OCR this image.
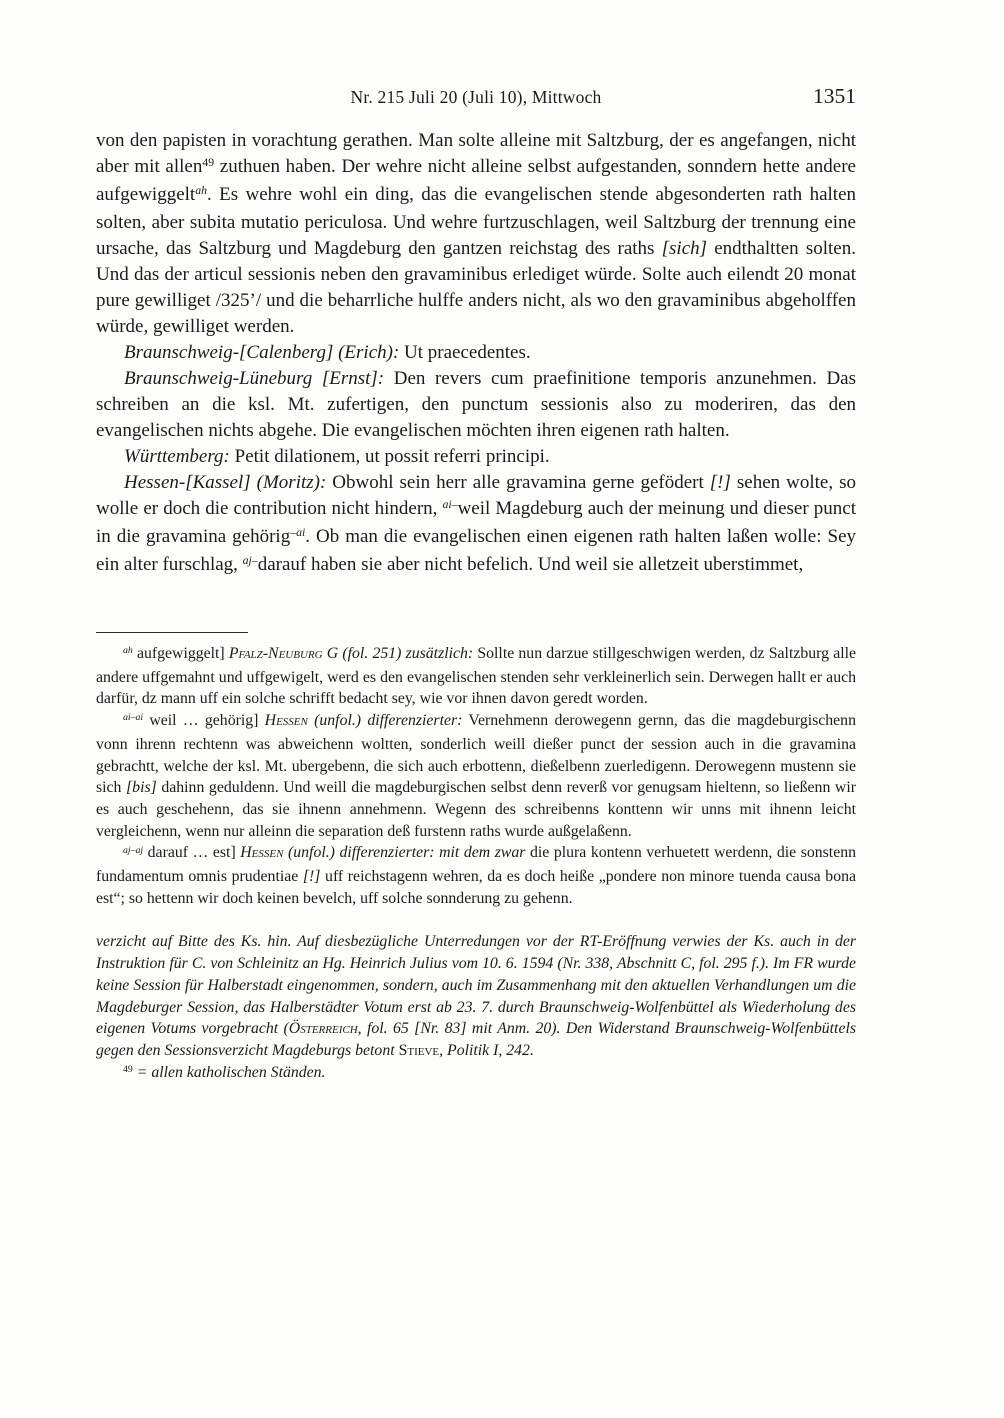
Nr. 215 Juli 20 (Juli 10), Mittwoch	1351

von den papisten in vorachtung gerathen. Man solte alleine mit Saltzburg, der es angefangen, nicht aber mit allen$^{49}$ zuthuen haben. Der wehre nicht alleine selbst aufgestanden, sonndern hette andere aufgewiggelt$^{ah}$. Es wehre wohl ein ding, das die evangelischen stende abgesonderten rath halten solten, aber subita mutatio periculosa. Und wehre furtzuschlagen, weil Saltzburg der trennung eine ursache, das Saltzburg und Magdeburg den gantzen reichstag des raths [sich] endthaltten solten. Und das der articul sessionis neben den gravaminibus erlediget würde. Solte auch eilendt 20 monat pure gewilliget /325’/ und die beharrliche hulffe anders nicht, als wo den gravaminibus abgeholffen würde, gewilliget werden.

Braunschweig-[Calenberg] (Erich): Ut praecedentes.

Braunschweig-Lüneburg [Ernst]: Den revers cum praefinitione temporis anzunehmen. Das schreiben an die ksl. Mt. zufertigen, den punctum sessionis also zu moderiren, das den evangelischen nichts abgehe. Die evangelischen möchten ihren eigenen rath halten.

Württemberg: Petit dilationem, ut possit referri principi.

Hessen-[Kassel] (Moritz): Obwohl sein herr alle gravamina gerne gefödert [!] sehen wolte, so wolle er doch die contribution nicht hindern, $^{ai-}$weil Magdeburg auch der meinung und dieser punct in die gravamina gehörig$^{-ai}$. Ob man die evangelischen einen eigenen rath halten laßen wolle: Sey ein alter furschlag, $^{aj-}$darauf haben sie aber nicht befelich. Und weil sie alletzeit uberstimmet,

$^{ah}$ aufgewiggelt] Pfalz-Neuburg G (fol. 251) zusätzlich: Sollte nun darzue stillgeschwigen werden, dz Saltzburg alle andere uffgemahnt und uffgewigelt, werd es den evangelischen stenden sehr verkleinerlich sein. Derwegen hallt er auch darfür, dz mann uff ein solche schrifft bedacht sey, wie vor ihnen davon geredt worden.

$^{ai-ai}$ weil … gehörig] Hessen (unfol.) differenzierter: Vernehmenn derowegenn gernn, das die magdeburgischenn vonn ihrenn rechtenn was abweichenn woltten, sonderlich weill dießer punct der session auch in die gravamina gebrachtt, welche der ksl. Mt. ubergebenn, die sich auch erbottenn, dießelbenn zuerledigenn. Derowegenn mustenn sie sich [bis] dahinn geduldenn. Und weill die magdeburgischen selbst denn reverß vor genugsam hieltenn, so ließenn wir es auch geschehenn, das sie ihnenn annehmenn. Wegenn des schreibenns konttenn wir unns mit ihnenn leicht vergleichenn, wenn nur alleinn die separation deß furstenn raths wurde außgelaßenn.

$^{aj-aj}$ darauf … est] Hessen (unfol.) differenzierter: mit dem zwar die plura kontenn verhuetett werdenn, die sonstenn fundamentum omnis prudentiae [!] uff reichstagenn wehren, da es doch heiße „pondere non minore tuenda causa bona est“; so hettenn wir doch keinen bevelch, uff solche sonnderung zu gehenn.

verzicht auf Bitte des Ks. hin. Auf diesbezügliche Unterredungen vor der RT-Eröffnung verwies der Ks. auch in der Instruktion für C. von Schleinitz an Hg. Heinrich Julius vom 10. 6. 1594 (Nr. 338, Abschnitt C, fol. 295 f.). Im FR wurde keine Session für Halberstadt eingenommen, sondern, auch im Zusammenhang mit den aktuellen Verhandlungen um die Magdeburger Session, das Halberstädter Votum erst ab 23. 7. durch Braunschweig-Wolfenbüttel als Wiederholung des eigenen Votums vorgebracht (Österreich, fol. 65 [Nr. 83] mit Anm. 20). Den Widerstand Braunschweig-Wolfenbüttels gegen den Sessionsverzicht Magdeburgs betont Stieve, Politik I, 242.

$^{49}$ = allen katholischen Ständen.
